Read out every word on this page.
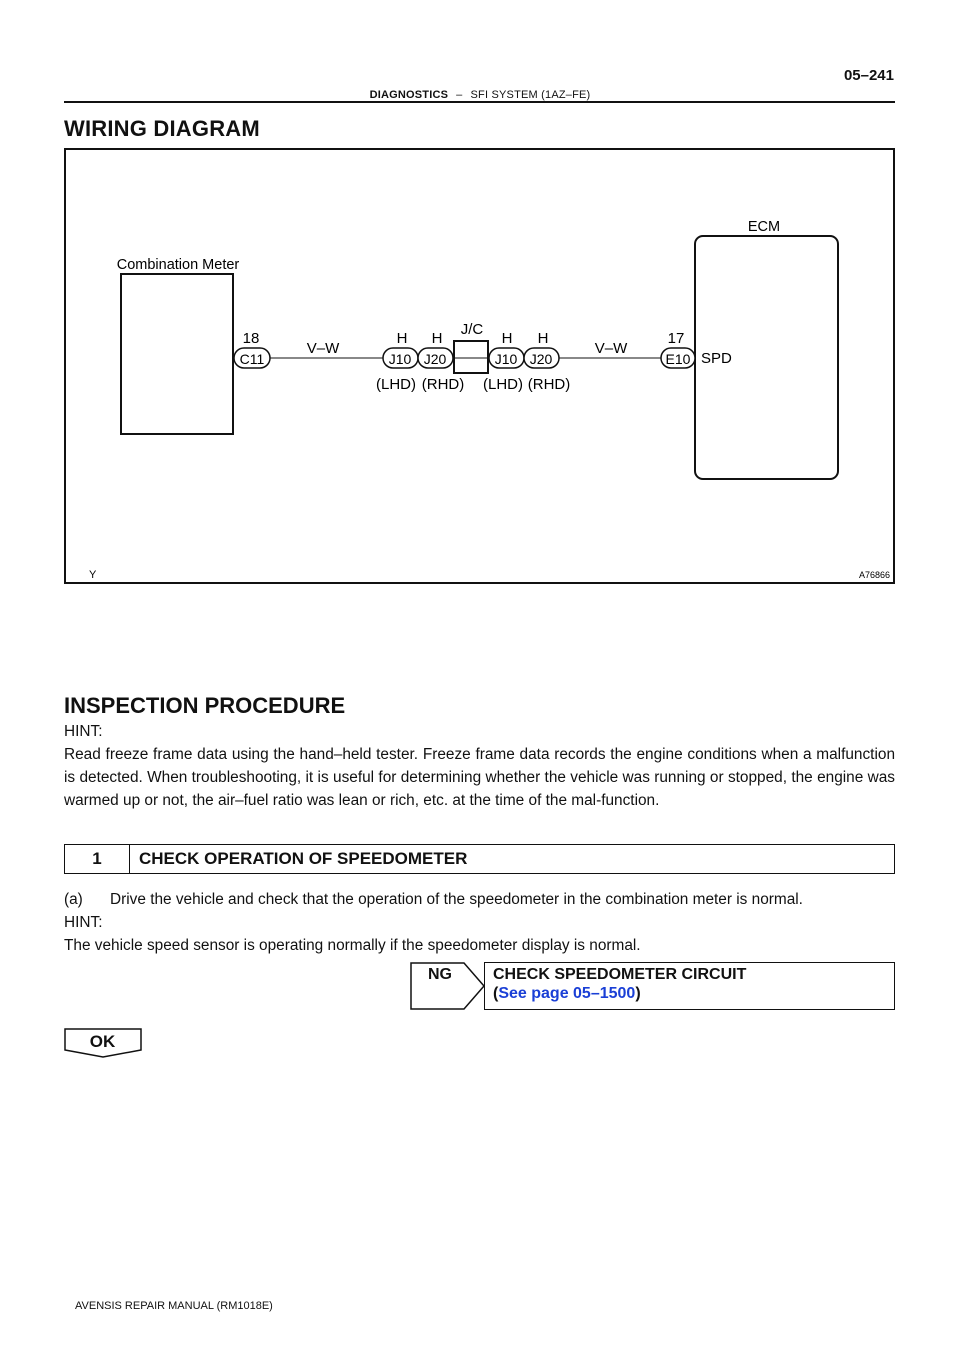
05–241
DIAGNOSTICS – SFI SYSTEM (1AZ–FE)
WIRING DIAGRAM
Combination Meter
ECM
18
C11
V–W
H H
J10 J20
(LHD) (RHD)
J/C
H H
J10 J20
(LHD) (RHD)
V–W
17
E10 SPD
Y	A76866
INSPECTION PROCEDURE
HINT:
Read freeze frame data using the hand–held tester. Freeze frame data records the engine conditions when a malfunction is detected. When troubleshooting, it is useful for determining whether the vehicle was running or stopped, the engine was warmed up or not, the air–fuel ratio was lean or rich, etc. at the time of the mal-function.
1	CHECK OPERATION OF SPEEDOMETER
(a) Drive the vehicle and check that the operation of the speedometer in the combination meter is normal.
HINT:
The vehicle speed sensor is operating normally if the speedometer display is normal.
NG	CHECK SPEEDOMETER CIRCUIT
(See page 05–1500)
OK
AVENSIS REPAIR MANUAL (RM1018E)
